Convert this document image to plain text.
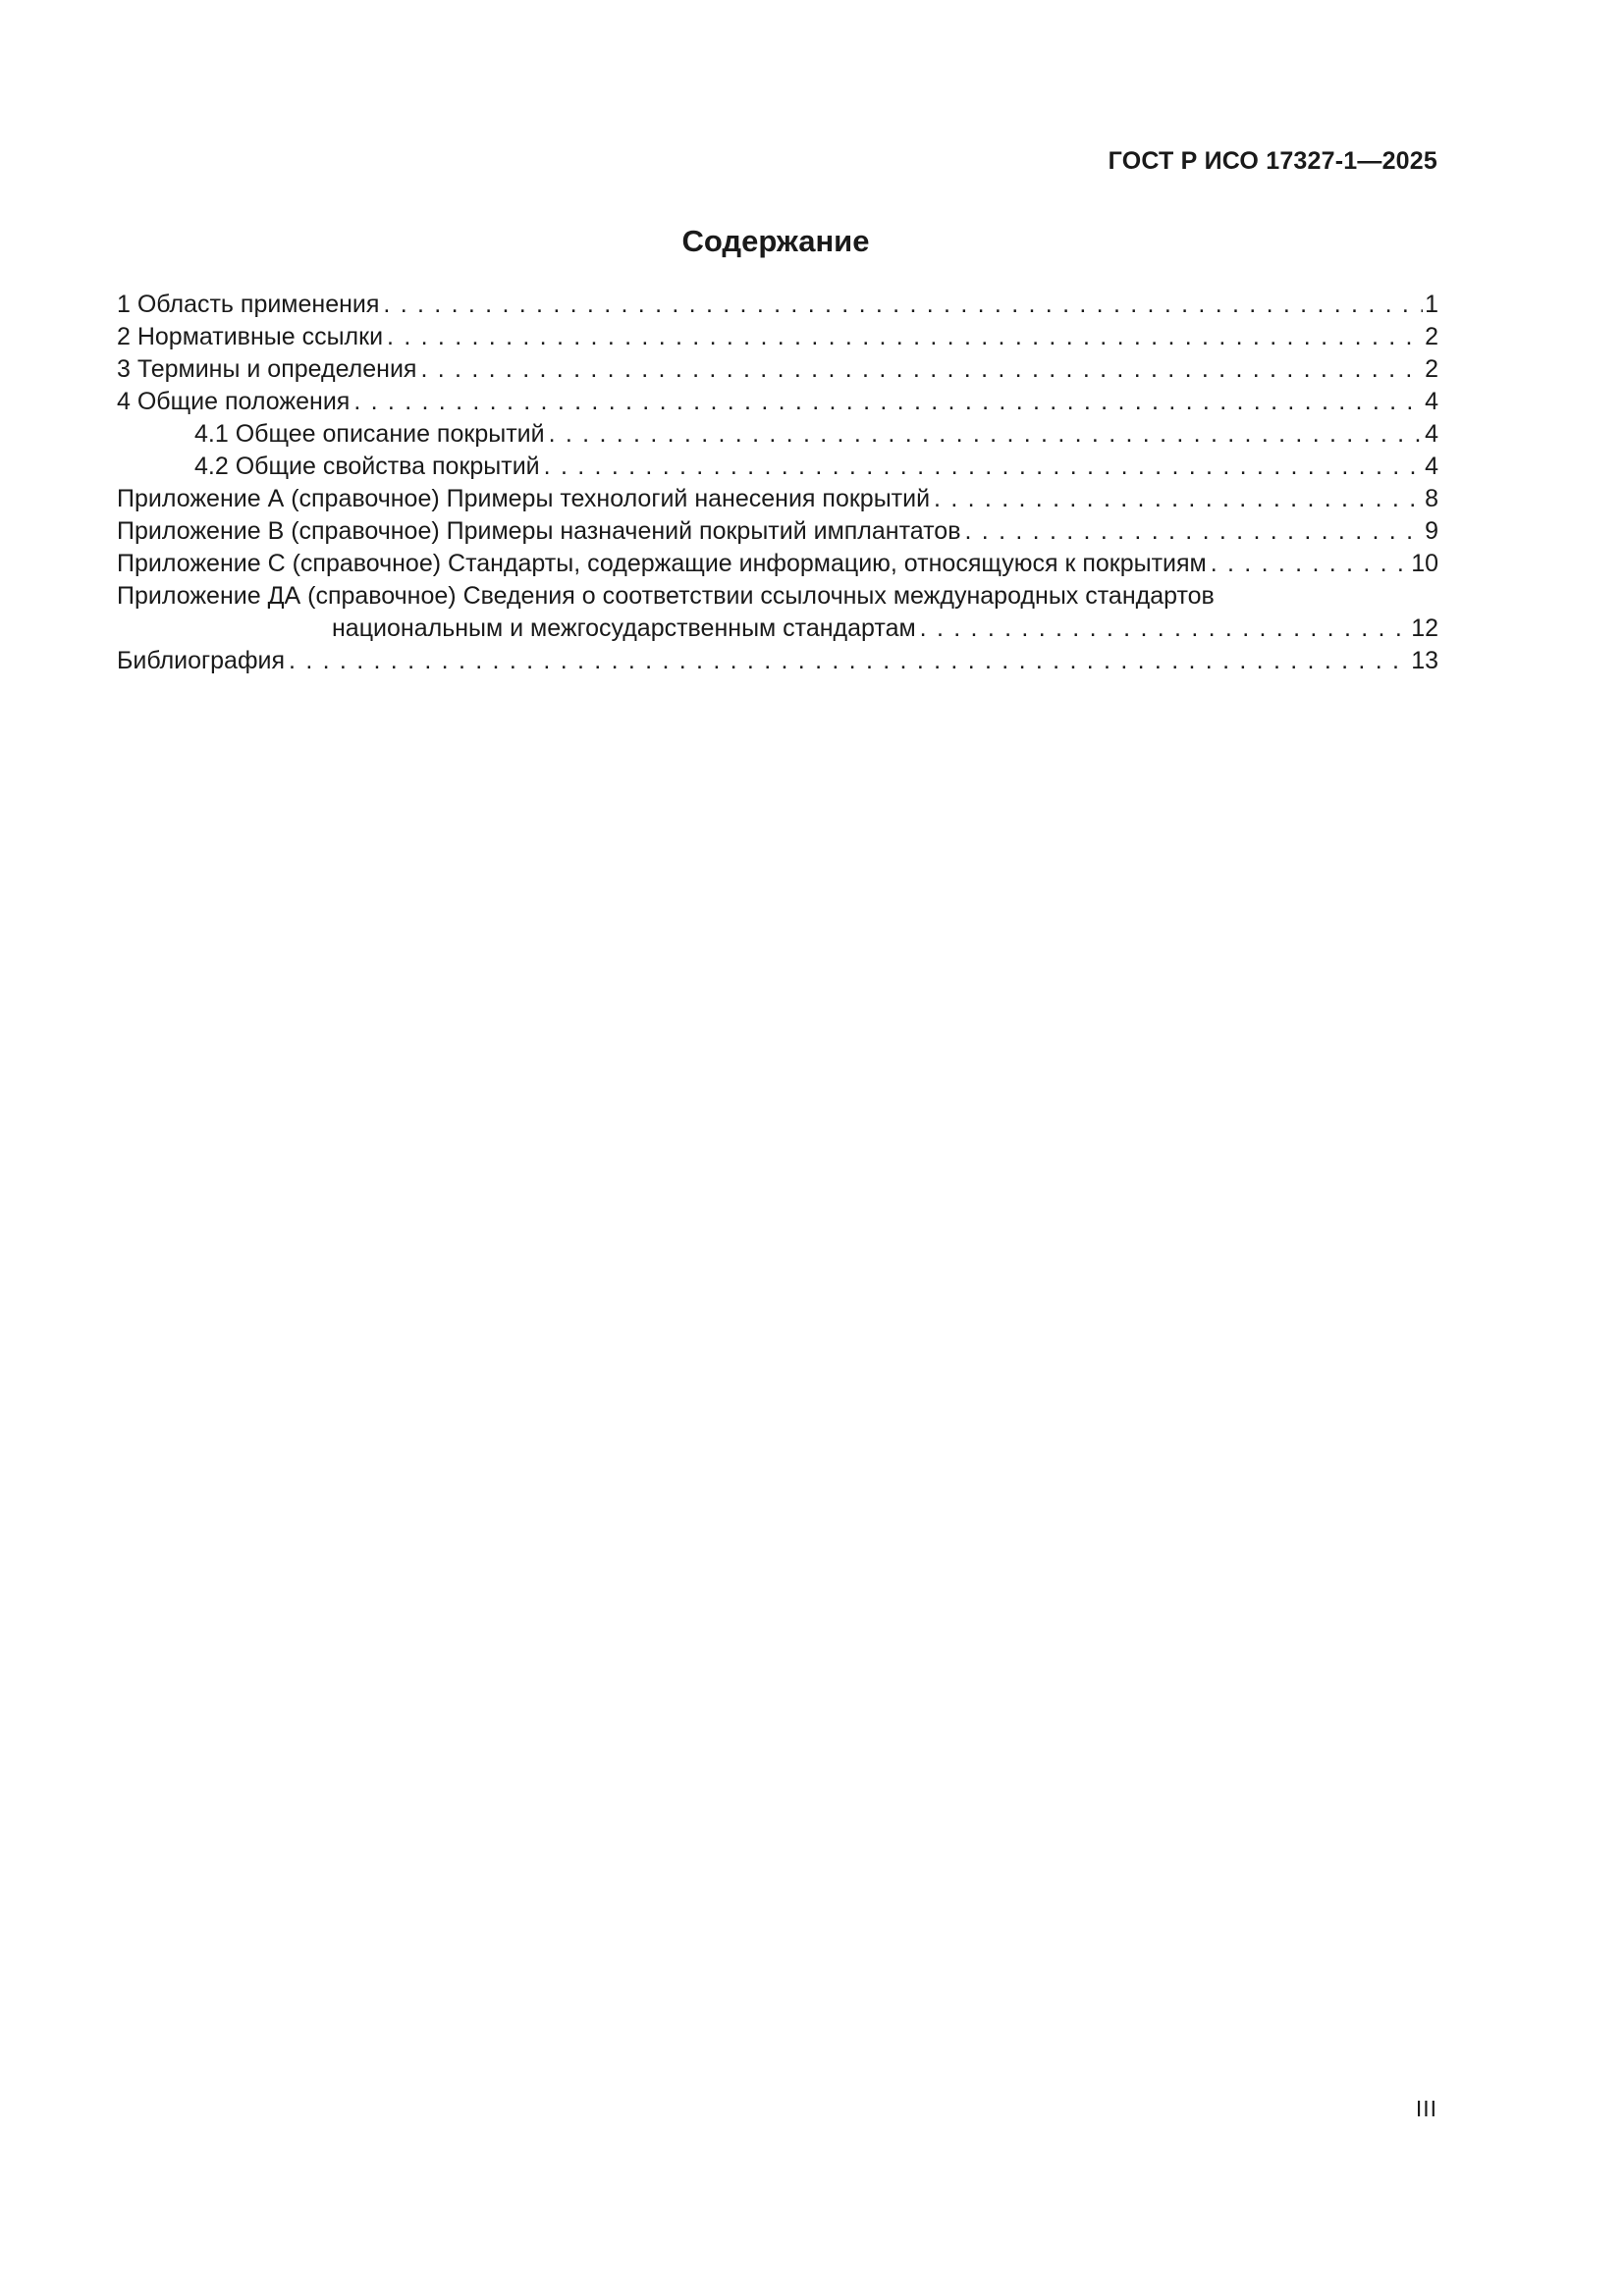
ГОСТ Р ИСО 17327-1—2025
Содержание
1 Область применения . . .	1
2 Нормативные ссылки . . .	2
3 Термины и определения . . .	2
4 Общие положения . . .	4
4.1 Общее описание покрытий . . .	4
4.2 Общие свойства покрытий . . .	4
Приложение А (справочное) Примеры технологий нанесения покрытий . . .	8
Приложение В (справочное) Примеры назначений покрытий имплантатов . . .	9
Приложение С (справочное) Стандарты, содержащие информацию, относящуюся к покрытиям . . .	10
Приложение ДА (справочное) Сведения о соответствии ссылочных международных стандартов
национальным и межгосударственным стандартам . . .	12
Библиография . . .	13
III
